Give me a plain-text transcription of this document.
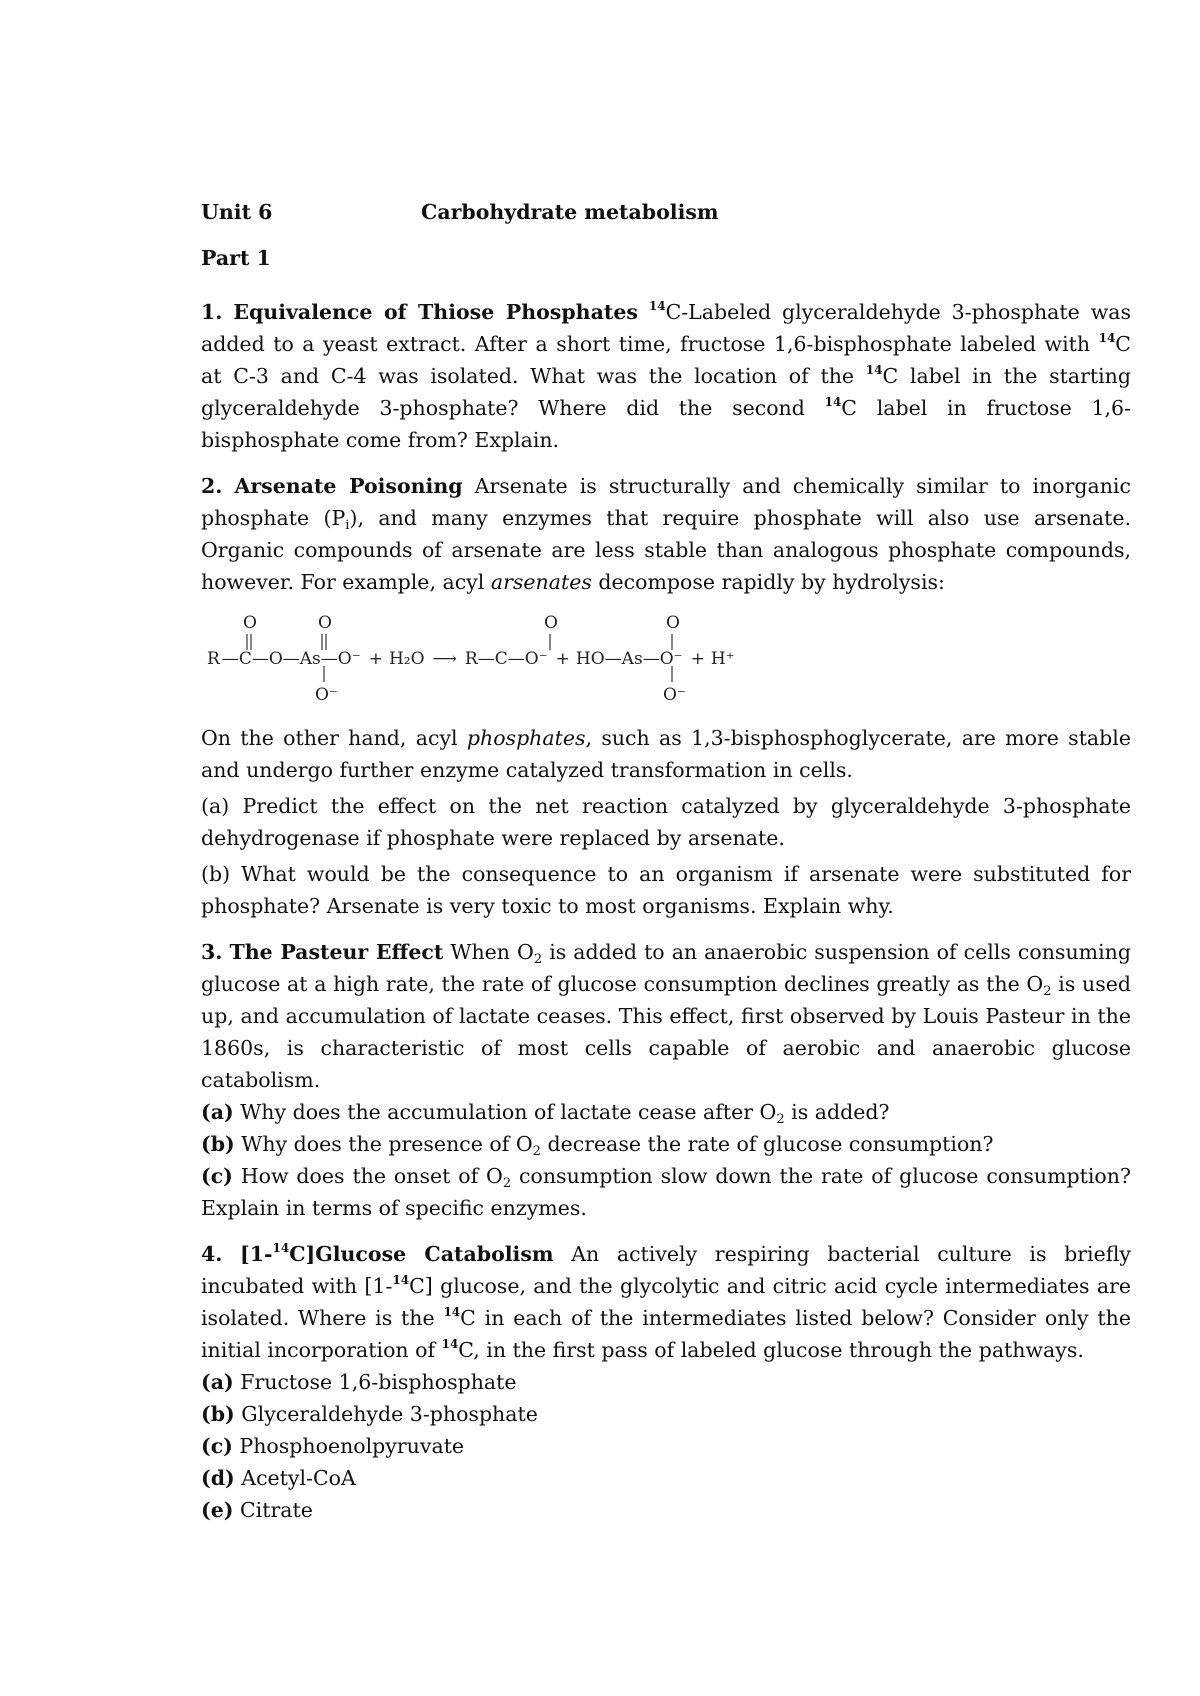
Unit 6	Carbohydrate metabolism
Part 1

1. Equivalence of Thiose Phosphates $^{14}$C-Labeled glyceraldehyde 3-phosphate was added to a yeast extract. After a short time, fructose 1,6-bisphosphate labeled with $^{14}$C at C-3 and C-4 was isolated. What was the location of the $^{14}$C label in the starting glyceraldehyde 3-phosphate? Where did the second $^{14}$C label in fructose 1,6-bisphosphate come from? Explain.

2. Arsenate Poisoning Arsenate is structurally and chemically similar to inorganic phosphate $(P_i)$, and many enzymes that require phosphate will also use arsenate. Organic compounds of arsenate are less stable than analogous phosphate compounds, however. For example, acyl arsenates decompose rapidly by hydrolysis:

O	O	O	O
R —C—O—As—O⁻ + H₂O ⟶ R—C—O⁻ + HO—As—O⁻ + H⁺
O⁻	O⁻

On the other hand, acyl phosphates, such as 1,3-bisphosphoglycerate, are more stable and undergo further enzyme catalyzed transformation in cells.

(a) Predict the effect on the net reaction catalyzed by glyceraldehyde 3-phosphate dehydrogenase if phosphate were replaced by arsenate.

(b) What would be the consequence to an organism if arsenate were substituted for phosphate? Arsenate is very toxic to most organisms. Explain why.

3. The Pasteur Effect When $O_2$ is added to an anaerobic suspension of cells consuming glucose at a high rate, the rate of glucose consumption declines greatly as the $O_2$ is used up, and accumulation of lactate ceases. This effect, first observed by Louis Pasteur in the 1860s, is characteristic of most cells capable of aerobic and anaerobic glucose catabolism.

(a) Why does the accumulation of lactate cease after $O_2$ is added?

(b) Why does the presence of $O_2$ decrease the rate of glucose consumption?

(c) How does the onset of $O_2$ consumption slow down the rate of glucose consumption? Explain in terms of specific enzymes.

4. [1-$^{14}$C]Glucose Catabolism An actively respiring bacterial culture is briefly incubated with [1-$^{14}$C] glucose, and the glycolytic and citric acid cycle intermediates are isolated. Where is the $^{14}$C in each of the intermediates listed below? Consider only the initial incorporation of $^{14}$C, in the first pass of labeled glucose through the pathways.

(a) Fructose 1,6-bisphosphate
(b) Glyceraldehyde 3-phosphate
(c) Phosphoenolpyruvate
(d) Acetyl-CoA
(e) Citrate
